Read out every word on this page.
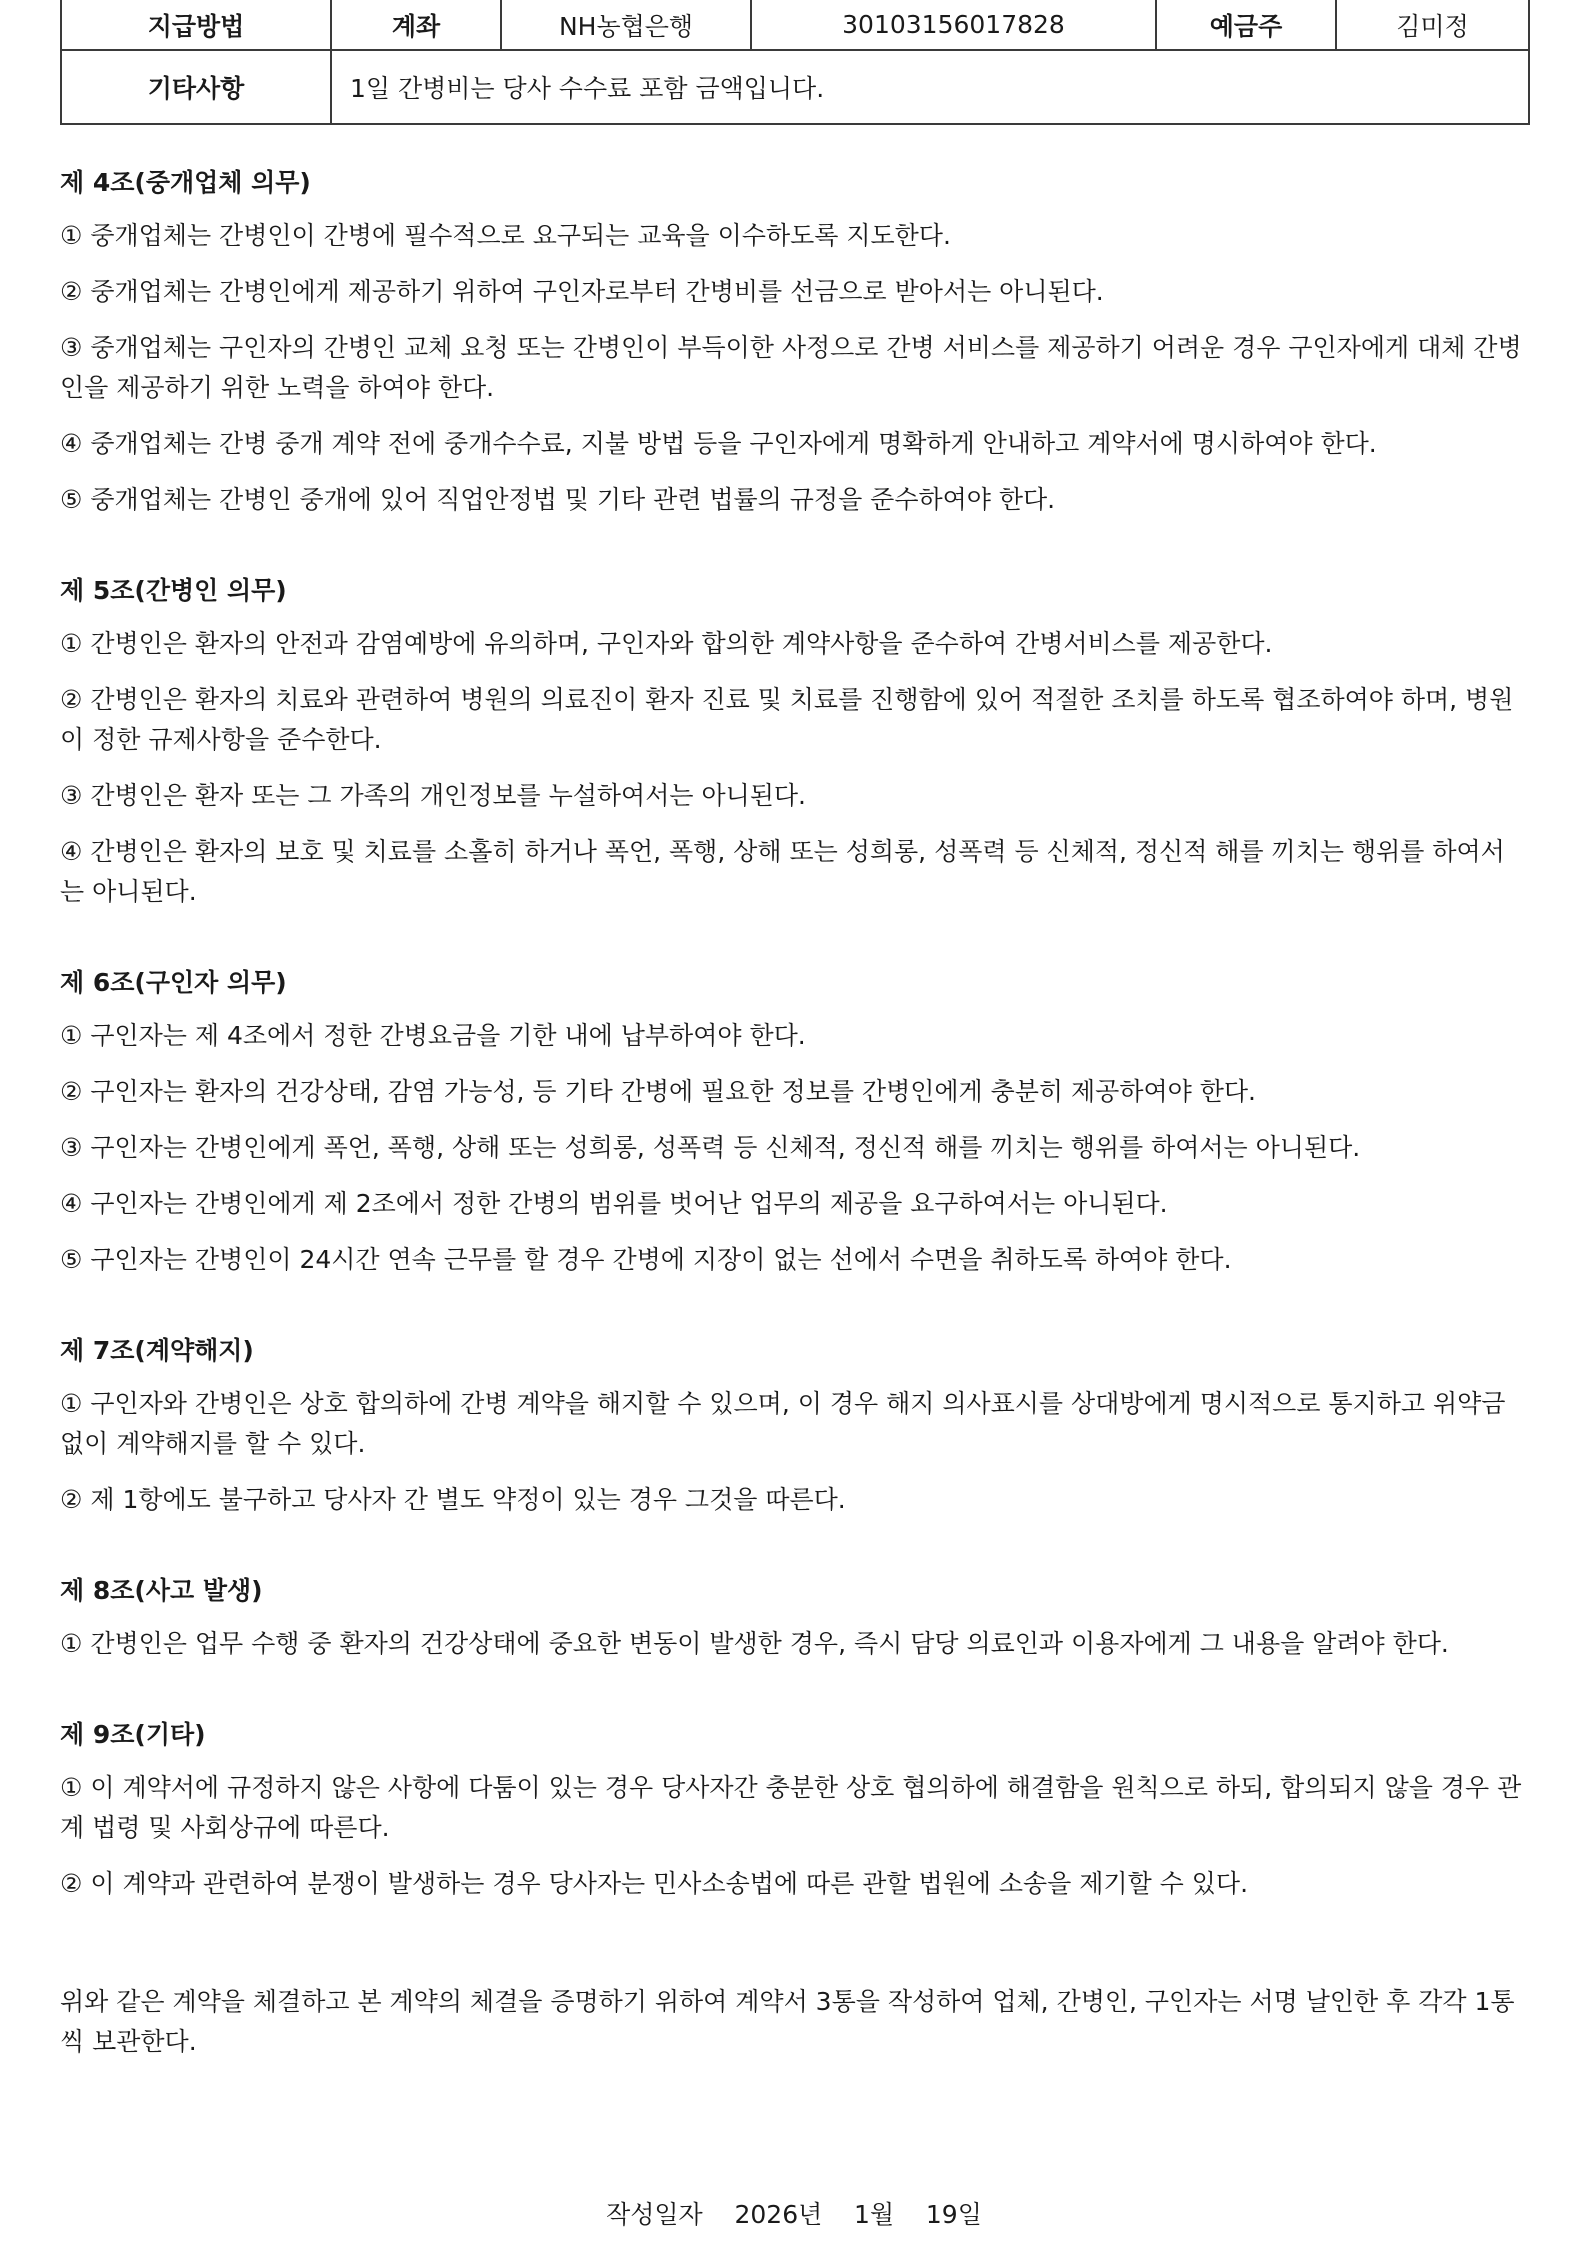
지급방법	계좌	NH농협은행	30103156017828	예금주	김미정
기타사항	1일 간병비는 당사 수수료 포함 금액입니다.				

제 4조(중개업체 의무)

① 중개업체는 간병인이 간병에 필수적으로 요구되는 교육을 이수하도록 지도한다.

② 중개업체는 간병인에게 제공하기 위하여 구인자로부터 간병비를 선금으로 받아서는 아니된다.

③ 중개업체는 구인자의 간병인 교체 요청 또는 간병인이 부득이한 사정으로 간병 서비스를 제공하기 어려운 경우 구인자에게 대체 간병인을 제공하기 위한 노력을 하여야 한다.

④ 중개업체는 간병 중개 계약 전에 중개수수료, 지불 방법 등을 구인자에게 명확하게 안내하고 계약서에 명시하여야 한다.

⑤ 중개업체는 간병인 중개에 있어 직업안정법 및 기타 관련 법률의 규정을 준수하여야 한다.

제 5조(간병인 의무)

① 간병인은 환자의 안전과 감염예방에 유의하며, 구인자와 합의한 계약사항을 준수하여 간병서비스를 제공한다.

② 간병인은 환자의 치료와 관련하여 병원의 의료진이 환자 진료 및 치료를 진행함에 있어 적절한 조치를 하도록 협조하여야 하며, 병원이 정한 규제사항을 준수한다.

③ 간병인은 환자 또는 그 가족의 개인정보를 누설하여서는 아니된다.

④ 간병인은 환자의 보호 및 치료를 소홀히 하거나 폭언, 폭행, 상해 또는 성희롱, 성폭력 등 신체적, 정신적 해를 끼치는 행위를 하여서는 아니된다.

제 6조(구인자 의무)

① 구인자는 제 4조에서 정한 간병요금을 기한 내에 납부하여야 한다.

② 구인자는 환자의 건강상태, 감염 가능성, 등 기타 간병에 필요한 정보를 간병인에게 충분히 제공하여야 한다.

③ 구인자는 간병인에게 폭언, 폭행, 상해 또는 성희롱, 성폭력 등 신체적, 정신적 해를 끼치는 행위를 하여서는 아니된다.

④ 구인자는 간병인에게 제 2조에서 정한 간병의 범위를 벗어난 업무의 제공을 요구하여서는 아니된다.

⑤ 구인자는 간병인이 24시간 연속 근무를 할 경우 간병에 지장이 없는 선에서 수면을 취하도록 하여야 한다.

제 7조(계약해지)

① 구인자와 간병인은 상호 합의하에 간병 계약을 해지할 수 있으며, 이 경우 해지 의사표시를 상대방에게 명시적으로 통지하고 위약금 없이 계약해지를 할 수 있다.

② 제 1항에도 불구하고 당사자 간 별도 약정이 있는 경우 그것을 따른다.

제 8조(사고 발생)

① 간병인은 업무 수행 중 환자의 건강상태에 중요한 변동이 발생한 경우, 즉시 담당 의료인과 이용자에게 그 내용을 알려야 한다.

제 9조(기타)

① 이 계약서에 규정하지 않은 사항에 다툼이 있는 경우 당사자간 충분한 상호 협의하에 해결함을 원칙으로 하되, 합의되지 않을 경우 관계 법령 및 사회상규에 따른다.

② 이 계약과 관련하여 분쟁이 발생하는 경우 당사자는 민사소송법에 따른 관할 법원에 소송을 제기할 수 있다.

위와 같은 계약을 체결하고 본 계약의 체결을 증명하기 위하여 계약서 3통을 작성하여 업체, 간병인, 구인자는 서명 날인한 후 각각 1통씩 보관한다.

작성일자    2026년    1월    19일
